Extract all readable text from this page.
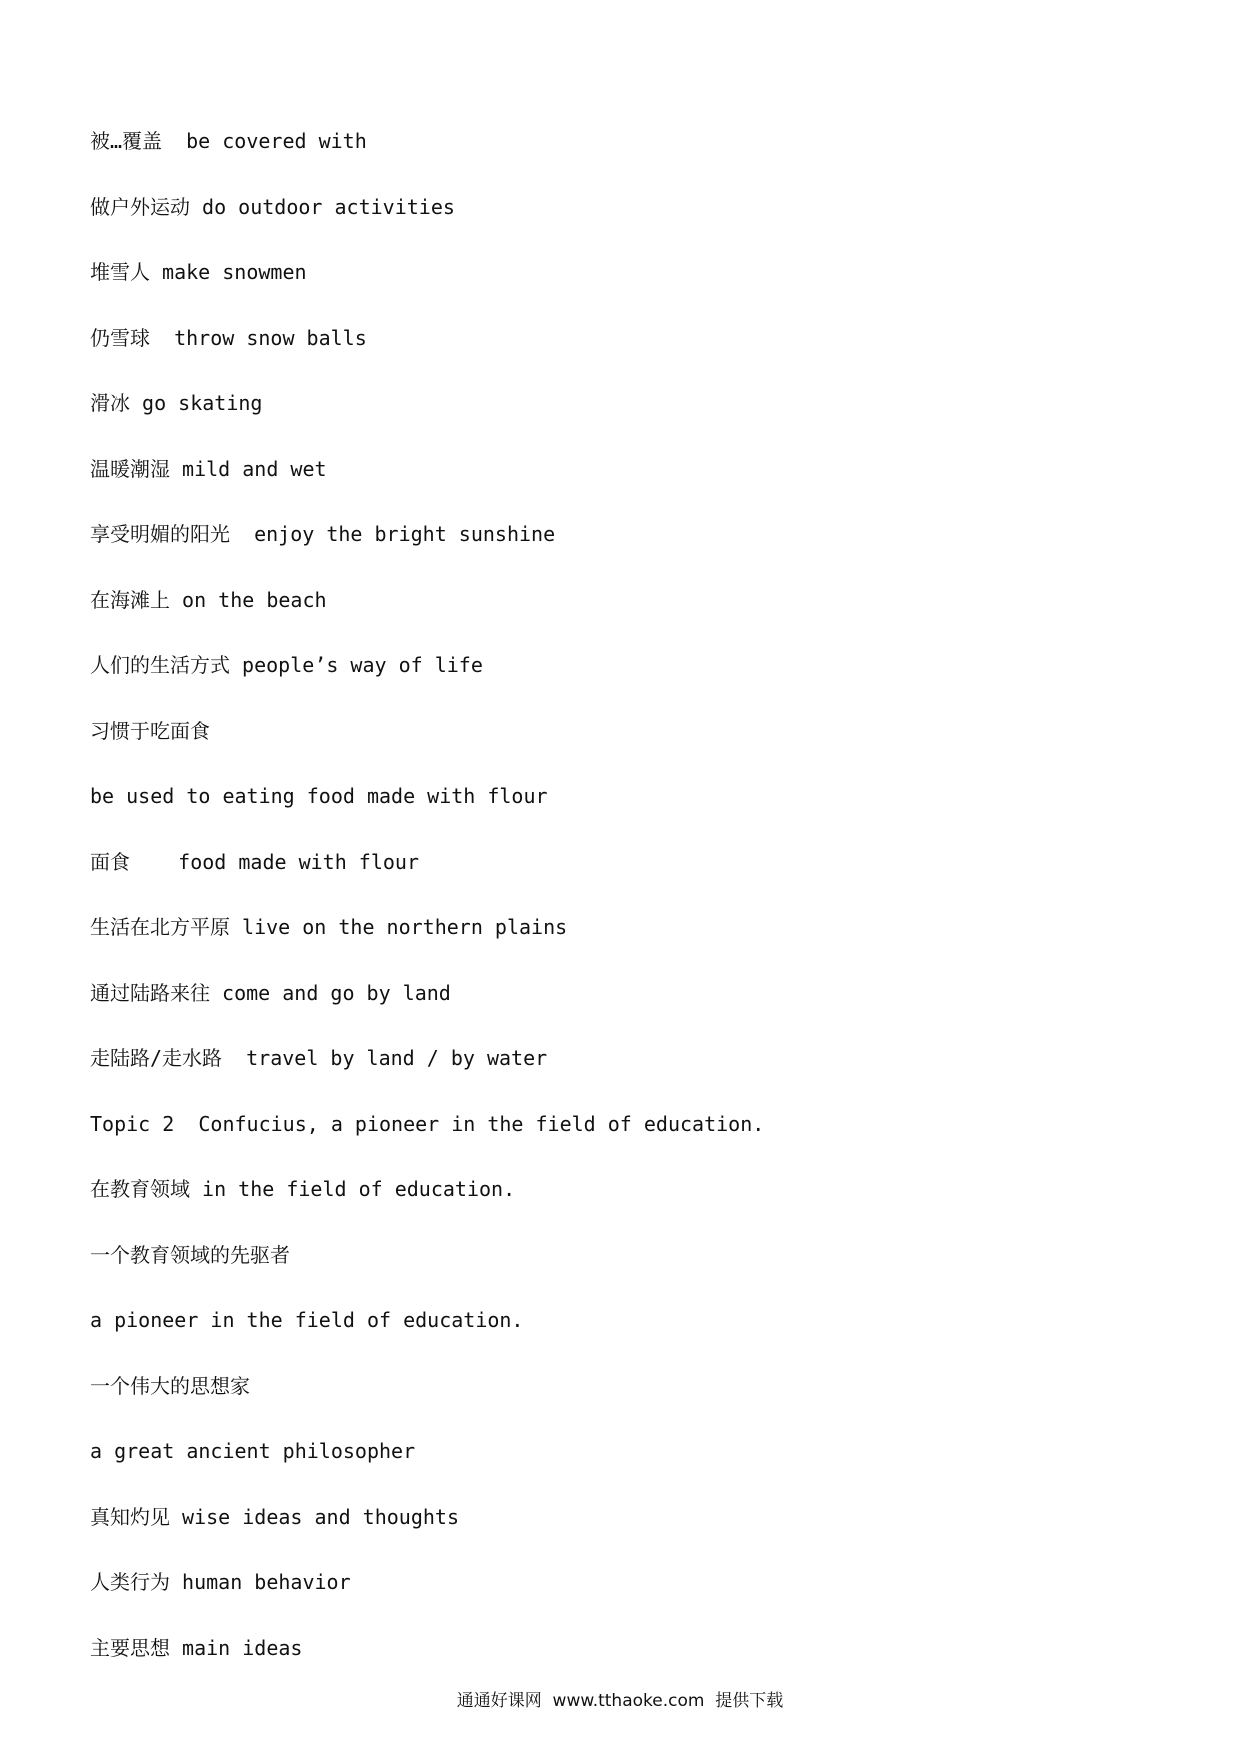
被…覆盖  be covered with
做户外运动 do outdoor activities
堆雪人 make snowmen
仍雪球  throw snow balls
滑冰 go skating
温暖潮湿 mild and wet
享受明媚的阳光  enjoy the bright sunshine
在海滩上 on the beach
人们的生活方式 people’s way of life
习惯于吃面食
be used to eating food made with flour
面食    food made with flour
生活在北方平原 live on the northern plains
通过陆路来往 come and go by land
走陆路/走水路  travel by land / by water
Topic 2  Confucius, a pioneer in the field of education.
在教育领域 in the field of education.
一个教育领域的先驱者
a pioneer in the field of education.
一个伟大的思想家
a great ancient philosopher
真知灼见 wise ideas and thoughts
人类行为 human behavior
主要思想 main ideas
通通好课网  www.tthaoke.com  提供下载
